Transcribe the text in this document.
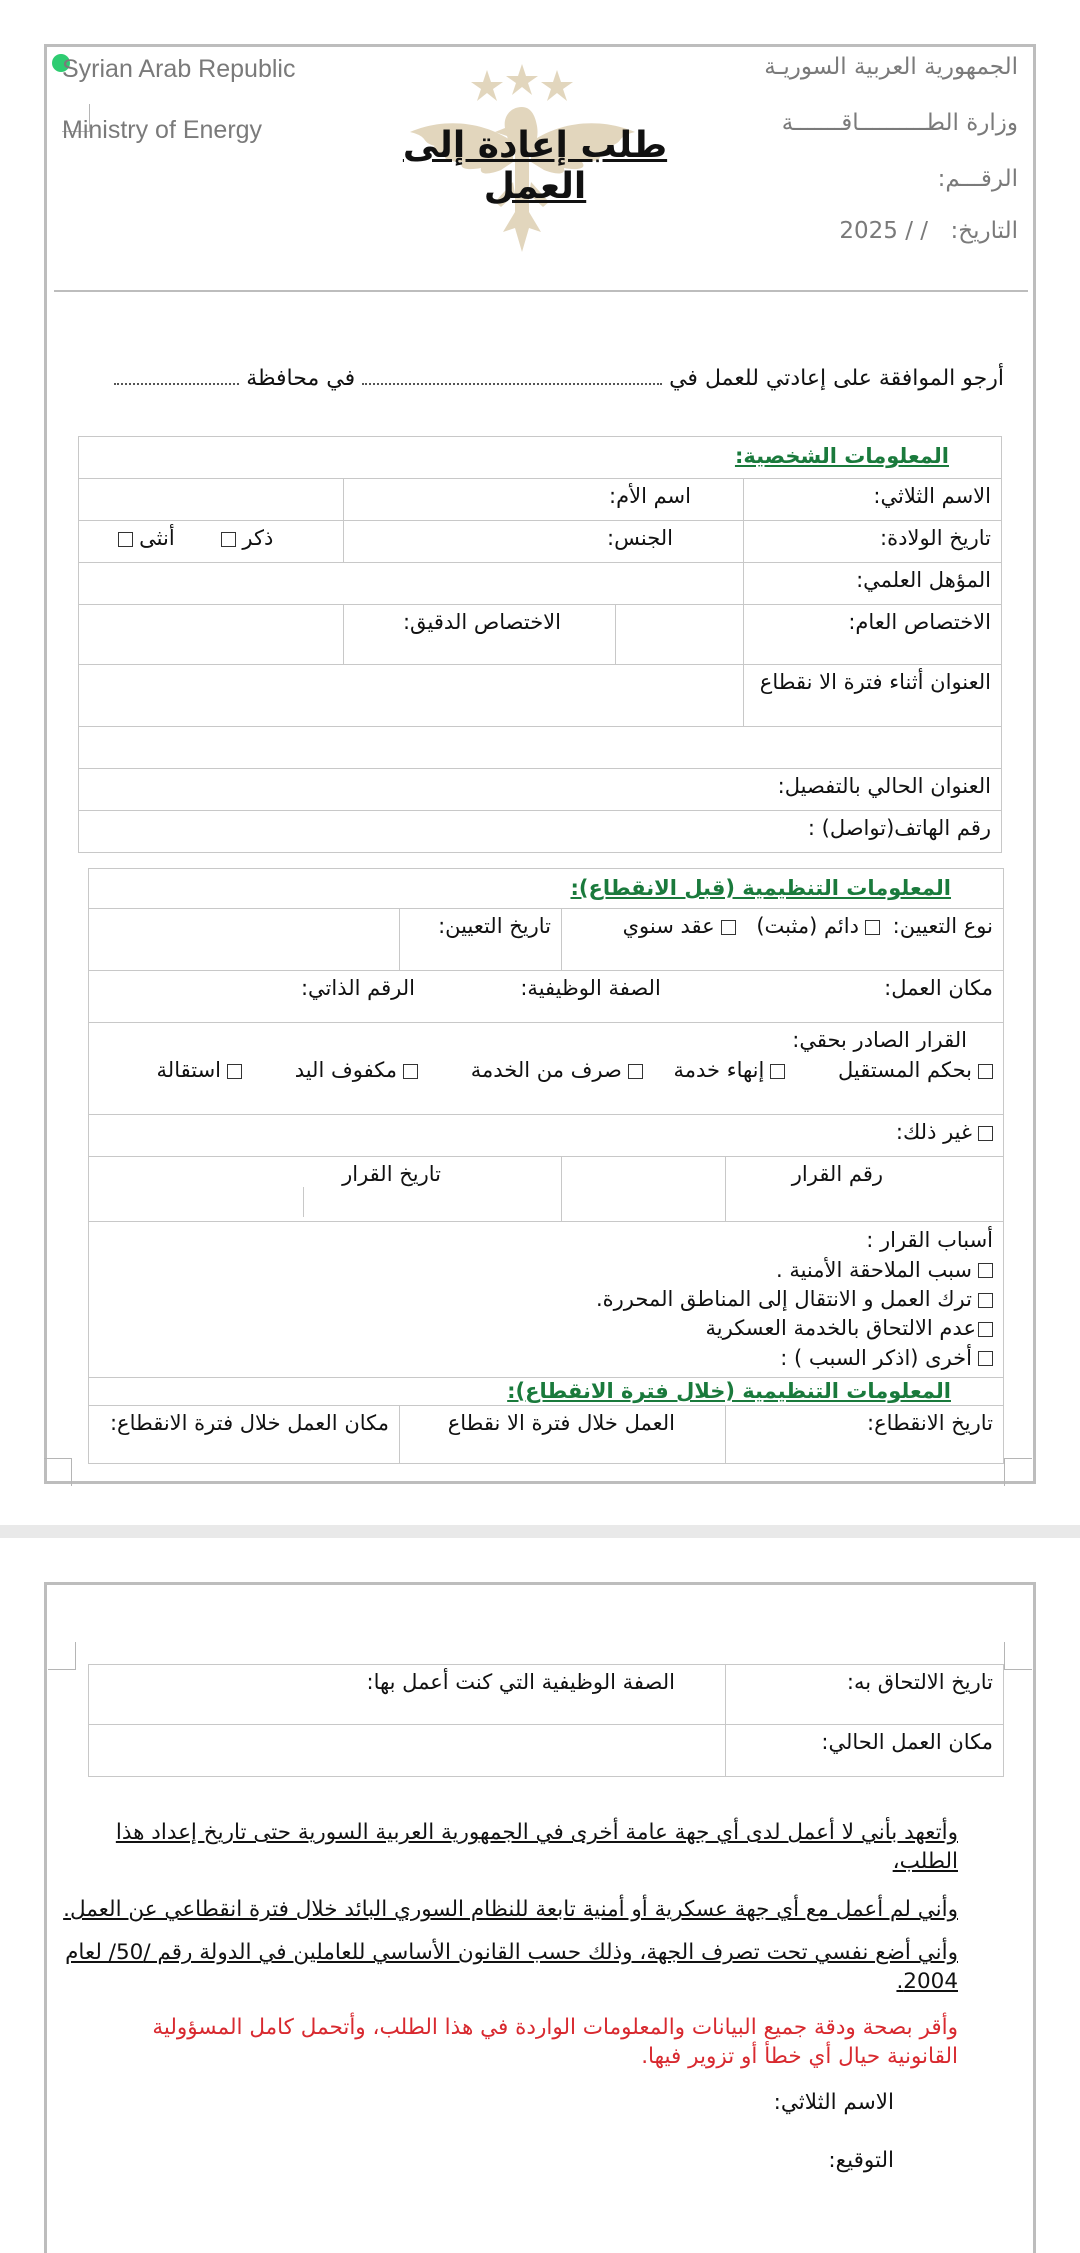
Syrian Arab Republic
Ministry of Energy
الجمهورية العربية السوريـة
وزارة الطــــــــــاقـــــــة
الرقـــم:
التاريخ:
2025 / /
طلب إعادة إلى العمل
أرجو الموافقة على إعادتي للعمل في  في محافظة
المعلومات الشخصية:			
الاسم الثلاثي:	اسم الأم:		
تاريخ الولادة:	الجنس:		ذكر أنثى
المؤهل العلمي:			
الاختصاص العام:		الاختصاص الدقيق:	
العنوان أثناء فترة الا نقطاع			

العنوان الحالي بالتفصيل:			
رقم الهاتف(تواصل) :			
المعلومات التنظيمية (قبل الانقطاع):			
نوع التعيين: دائم (مثبت) عقد سنوي		تاريخ التعيين:	
مكان العمل:  الصفة الوظيفية:  الرقم الذاتي:			

القرار الصادر بحقي:
بحكم المستقيل إنهاء خدمة صرف من الخدمة مكفوف اليد استقالة			

غير ذلك:			
رقم القرار		تاريخ القرار	

أسباب القرار :
سبب الملاحقة الأمنية .
ترك العمل و الانتقال إلى المناطق المحررة.
عدم الالتحاق بالخدمة العسكرية
أخرى (اذكر السبب ) :			

المعلومات التنظيمية (خلال فترة الانقطاع):			
تاريخ الانقطاع:	العمل خلال فترة الا نقطاع		مكان العمل خلال فترة الانقطاع:
تاريخ الالتحاق به:	الصفة الوظيفية التي كنت أعمل بها:
مكان العمل الحالي:	
وأتعهد بأني لا أعمل لدى أي جهة عامة أخرى في الجمهورية العربية السورية حتى تاريخ إعداد هذا الطلب،
وأني لم أعمل مع أي جهة عسكرية أو أمنية تابعة للنظام السوري البائد خلال فترة انقطاعي عن العمل.
وأني أضع نفسي تحت تصرف الجهة، وذلك حسب القانون الأساسي للعاملين في الدولة رقم /50/ لعام 2004.
وأقر بصحة ودقة جميع البيانات والمعلومات الواردة في هذا الطلب، وأتحمل كامل المسؤولية القانونية حيال أي خطأ أو تزوير فيها.
الاسم الثلاثي:
التوقيع:
